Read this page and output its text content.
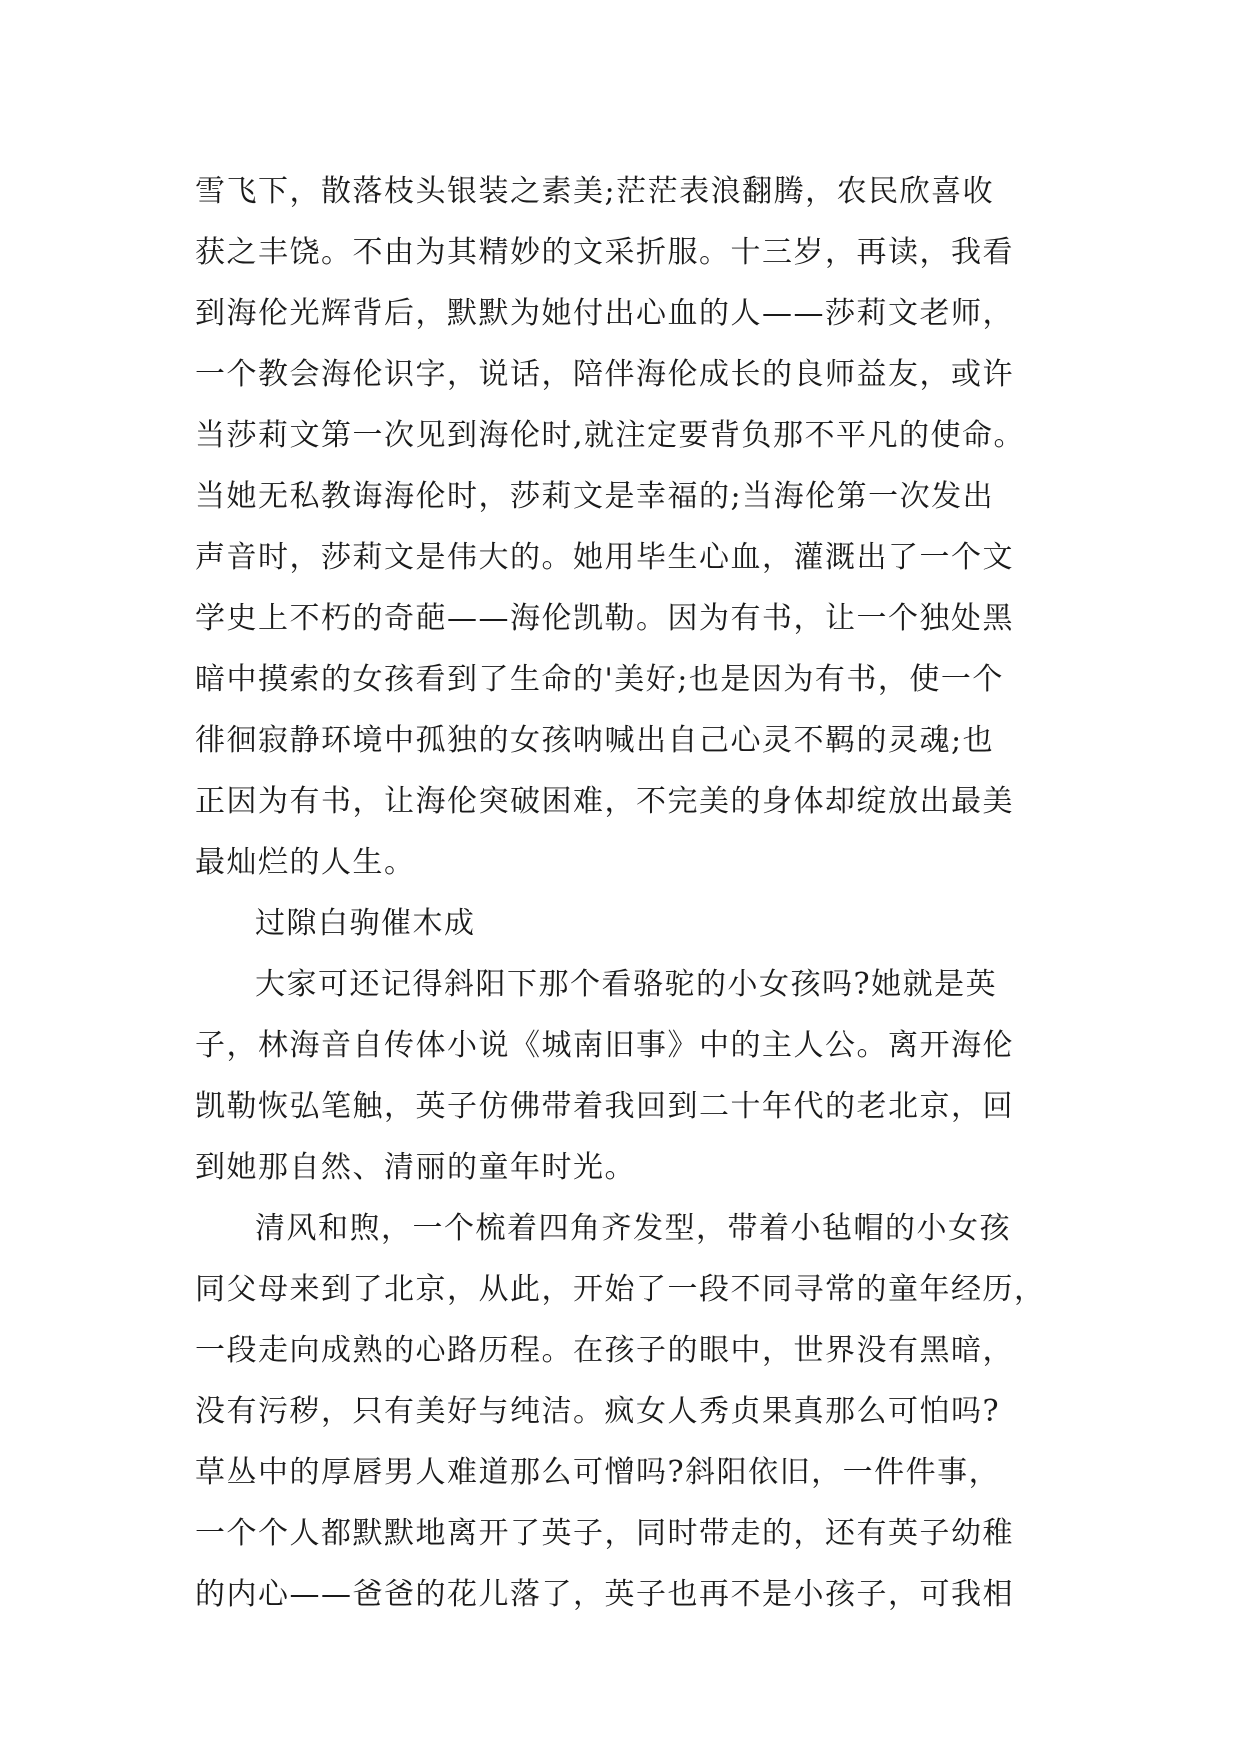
雪飞下，散落枝头银装之素美;茫茫表浪翻腾，农民欣喜收
获之丰饶。不由为其精妙的文采折服。十三岁，再读，我看
到海伦光辉背后，默默为她付出心血的人——莎莉文老师，
一个教会海伦识字，说话，陪伴海伦成长的良师益友，或许
当莎莉文第一次见到海伦时,就注定要背负那不平凡的使命。
当她无私教诲海伦时，莎莉文是幸福的;当海伦第一次发出
声音时，莎莉文是伟大的。她用毕生心血，灌溉出了一个文
学史上不朽的奇葩——海伦凯勒。因为有书，让一个独处黑
暗中摸索的女孩看到了生命的'美好;也是因为有书，使一个
徘徊寂静环境中孤独的女孩呐喊出自己心灵不羁的灵魂;也
正因为有书，让海伦突破困难，不完美的身体却绽放出最美
最灿烂的人生。
过隙白驹催木成
大家可还记得斜阳下那个看骆驼的小女孩吗?她就是英
子，林海音自传体小说《城南旧事》中的主人公。离开海伦
凯勒恢弘笔触，英子仿佛带着我回到二十年代的老北京，回
到她那自然、清丽的童年时光。
清风和煦，一个梳着四角齐发型，带着小毡帽的小女孩
同父母来到了北京，从此，开始了一段不同寻常的童年经历，
一段走向成熟的心路历程。在孩子的眼中，世界没有黑暗，
没有污秽，只有美好与纯洁。疯女人秀贞果真那么可怕吗?
草丛中的厚唇男人难道那么可憎吗?斜阳依旧，一件件事，
一个个人都默默地离开了英子，同时带走的，还有英子幼稚
的内心——爸爸的花儿落了，英子也再不是小孩子，可我相
